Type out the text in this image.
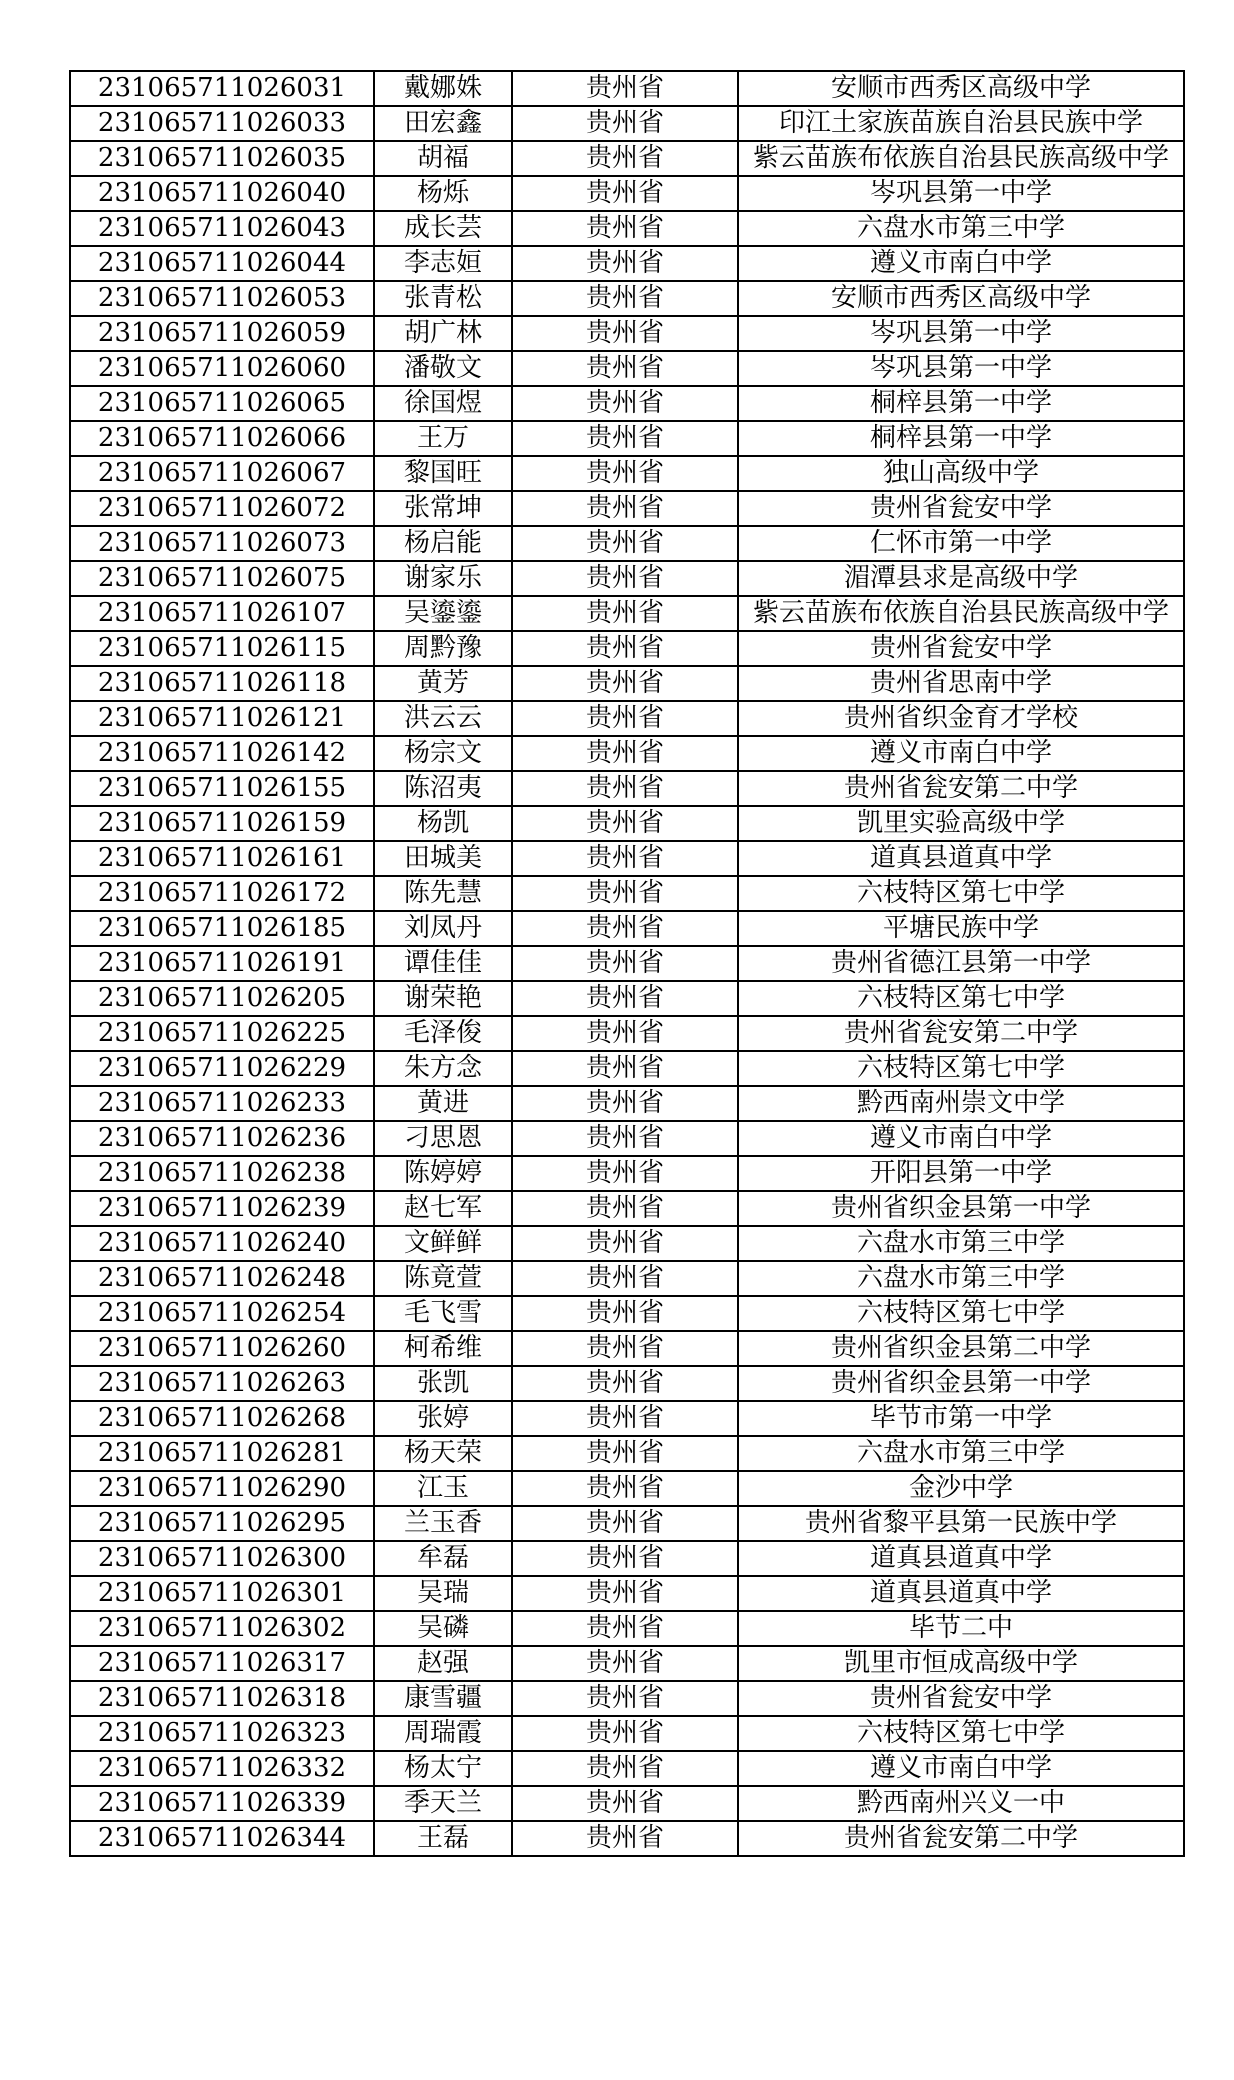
231065711026031	戴娜姝	贵州省	安顺市西秀区高级中学
231065711026033	田宏鑫	贵州省	印江土家族苗族自治县民族中学
231065711026035	胡福	贵州省	紫云苗族布依族自治县民族高级中学
231065711026040	杨烁	贵州省	岑巩县第一中学
231065711026043	成长芸	贵州省	六盘水市第三中学
231065711026044	李志姮	贵州省	遵义市南白中学
231065711026053	张青松	贵州省	安顺市西秀区高级中学
231065711026059	胡广林	贵州省	岑巩县第一中学
231065711026060	潘敬文	贵州省	岑巩县第一中学
231065711026065	徐国煜	贵州省	桐梓县第一中学
231065711026066	王万	贵州省	桐梓县第一中学
231065711026067	黎国旺	贵州省	独山高级中学
231065711026072	张常坤	贵州省	贵州省瓮安中学
231065711026073	杨启能	贵州省	仁怀市第一中学
231065711026075	谢家乐	贵州省	湄潭县求是高级中学
231065711026107	吴鎏鎏	贵州省	紫云苗族布依族自治县民族高级中学
231065711026115	周黔豫	贵州省	贵州省瓮安中学
231065711026118	黄芳	贵州省	贵州省思南中学
231065711026121	洪云云	贵州省	贵州省织金育才学校
231065711026142	杨宗文	贵州省	遵义市南白中学
231065711026155	陈沼夷	贵州省	贵州省瓮安第二中学
231065711026159	杨凯	贵州省	凯里实验高级中学
231065711026161	田城美	贵州省	道真县道真中学
231065711026172	陈先慧	贵州省	六枝特区第七中学
231065711026185	刘凤丹	贵州省	平塘民族中学
231065711026191	谭佳佳	贵州省	贵州省德江县第一中学
231065711026205	谢荣艳	贵州省	六枝特区第七中学
231065711026225	毛泽俊	贵州省	贵州省瓮安第二中学
231065711026229	朱方念	贵州省	六枝特区第七中学
231065711026233	黄进	贵州省	黔西南州崇文中学
231065711026236	刁思恩	贵州省	遵义市南白中学
231065711026238	陈婷婷	贵州省	开阳县第一中学
231065711026239	赵七军	贵州省	贵州省织金县第一中学
231065711026240	文鲜鲜	贵州省	六盘水市第三中学
231065711026248	陈竟萱	贵州省	六盘水市第三中学
231065711026254	毛飞雪	贵州省	六枝特区第七中学
231065711026260	柯希维	贵州省	贵州省织金县第二中学
231065711026263	张凯	贵州省	贵州省织金县第一中学
231065711026268	张婷	贵州省	毕节市第一中学
231065711026281	杨天荣	贵州省	六盘水市第三中学
231065711026290	江玉	贵州省	金沙中学
231065711026295	兰玉香	贵州省	贵州省黎平县第一民族中学
231065711026300	牟磊	贵州省	道真县道真中学
231065711026301	吴瑞	贵州省	道真县道真中学
231065711026302	吴磷	贵州省	毕节二中
231065711026317	赵强	贵州省	凯里市恒成高级中学
231065711026318	康雪疆	贵州省	贵州省瓮安中学
231065711026323	周瑞霞	贵州省	六枝特区第七中学
231065711026332	杨太宁	贵州省	遵义市南白中学
231065711026339	季天兰	贵州省	黔西南州兴义一中
231065711026344	王磊	贵州省	贵州省瓮安第二中学
